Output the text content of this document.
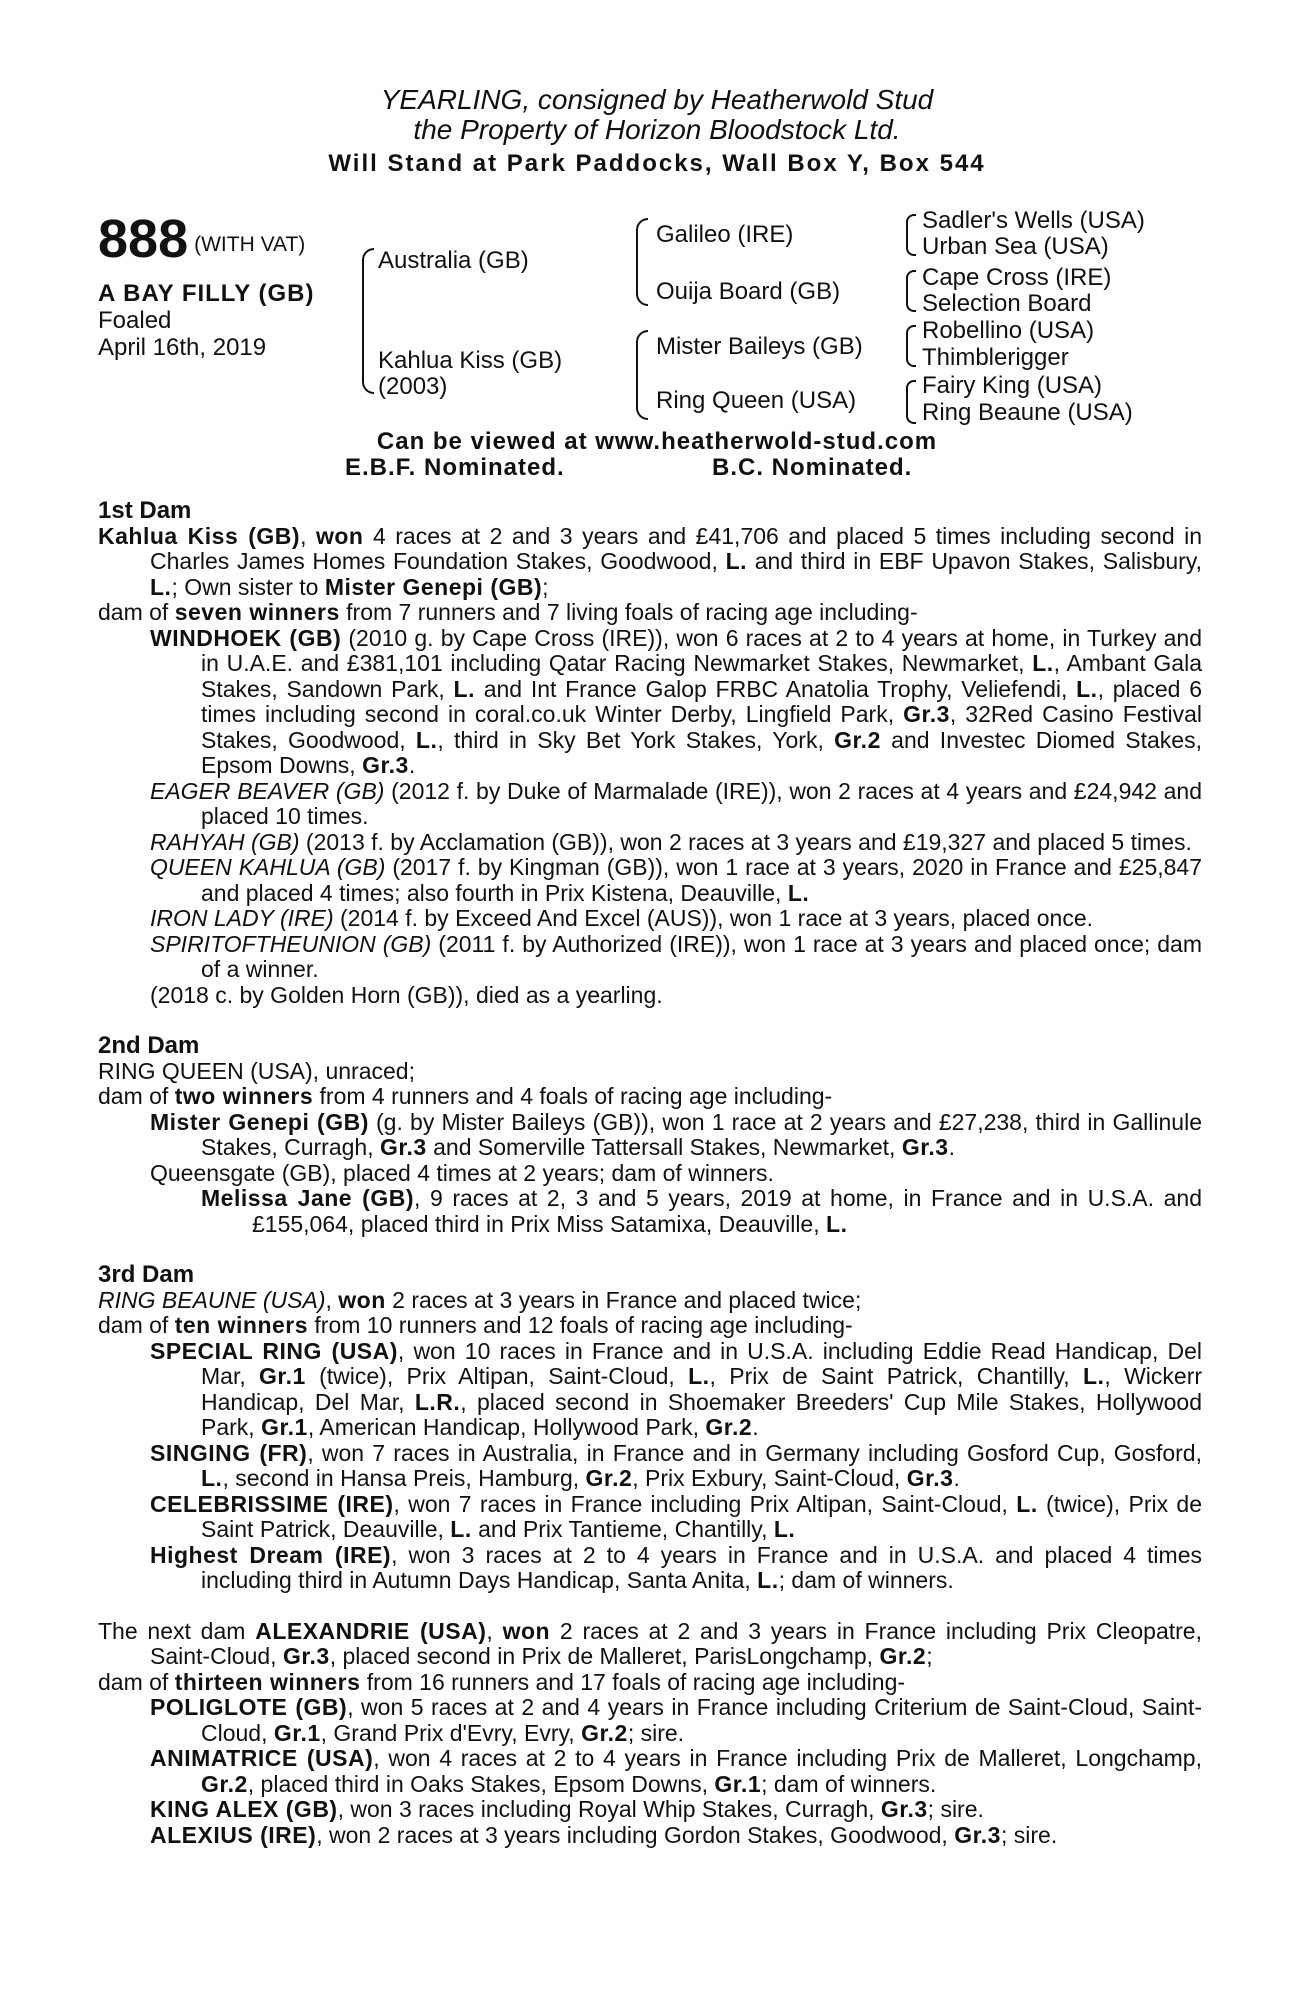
YEARLING, consigned by Heatherwold Stud
the Property of Horizon Bloodstock Ltd.
Will Stand at Park Paddocks, Wall Box Y, Box 544
888 (WITH VAT)
A BAY FILLY (GB)
Foaled
April 16th, 2019
Australia (GB)
Kahlua Kiss (GB)
(2003)
Galileo (IRE)
Ouija Board (GB)
Mister Baileys (GB)
Ring Queen (USA)
Sadler's Wells (USA)
Urban Sea (USA)
Cape Cross (IRE)
Selection Board
Robellino (USA)
Thimblerigger
Fairy King (USA)
Ring Beaune (USA)
Can be viewed at www.heatherwold-stud.com
E.B.F. Nominated.	B.C. Nominated.
1st Dam

Kahlua Kiss (GB), won 4 races at 2 and 3 years and £41,706 and placed 5 times including second in Charles James Homes Foundation Stakes, Goodwood, L. and third in EBF Upavon Stakes, Salisbury, L.; Own sister to Mister Genepi (GB);

dam of seven winners from 7 runners and 7 living foals of racing age including-

WINDHOEK (GB) (2010 g. by Cape Cross (IRE)), won 6 races at 2 to 4 years at home, in Turkey and in U.A.E. and £381,101 including Qatar Racing Newmarket Stakes, Newmarket, L., Ambant Gala Stakes, Sandown Park, L. and Int France Galop FRBC Anatolia Trophy, Veliefendi, L., placed 6 times including second in coral.co.uk Winter Derby, Lingfield Park, Gr.3, 32Red Casino Festival Stakes, Goodwood, L., third in Sky Bet York Stakes, York, Gr.2 and Investec Diomed Stakes, Epsom Downs, Gr.3.

EAGER BEAVER (GB) (2012 f. by Duke of Marmalade (IRE)), won 2 races at 4 years and £24,942 and placed 10 times.

RAHYAH (GB) (2013 f. by Acclamation (GB)), won 2 races at 3 years and £19,327 and placed 5 times.

QUEEN KAHLUA (GB) (2017 f. by Kingman (GB)), won 1 race at 3 years, 2020 in France and £25,847 and placed 4 times; also fourth in Prix Kistena, Deauville, L.

IRON LADY (IRE) (2014 f. by Exceed And Excel (AUS)), won 1 race at 3 years, placed once.

SPIRITOFTHEUNION (GB) (2011 f. by Authorized (IRE)), won 1 race at 3 years and placed once; dam of a winner.

(2018 c. by Golden Horn (GB)), died as a yearling.

2nd Dam

RING QUEEN (USA), unraced;

dam of two winners from 4 runners and 4 foals of racing age including-

Mister Genepi (GB) (g. by Mister Baileys (GB)), won 1 race at 2 years and £27,238, third in Gallinule Stakes, Curragh, Gr.3 and Somerville Tattersall Stakes, Newmarket, Gr.3.

Queensgate (GB), placed 4 times at 2 years; dam of winners.

Melissa Jane (GB), 9 races at 2, 3 and 5 years, 2019 at home, in France and in U.S.A. and £155,064, placed third in Prix Miss Satamixa, Deauville, L.

3rd Dam

RING BEAUNE (USA), won 2 races at 3 years in France and placed twice;

dam of ten winners from 10 runners and 12 foals of racing age including-

SPECIAL RING (USA), won 10 races in France and in U.S.A. including Eddie Read Handicap, Del Mar, Gr.1 (twice), Prix Altipan, Saint-Cloud, L., Prix de Saint Patrick, Chantilly, L., Wickerr Handicap, Del Mar, L.R., placed second in Shoemaker Breeders' Cup Mile Stakes, Hollywood Park, Gr.1, American Handicap, Hollywood Park, Gr.2.

SINGING (FR), won 7 races in Australia, in France and in Germany including Gosford Cup, Gosford, L., second in Hansa Preis, Hamburg, Gr.2, Prix Exbury, Saint-Cloud, Gr.3.

CELEBRISSIME (IRE), won 7 races in France including Prix Altipan, Saint-Cloud, L. (twice), Prix de Saint Patrick, Deauville, L. and Prix Tantieme, Chantilly, L.

Highest Dream (IRE), won 3 races at 2 to 4 years in France and in U.S.A. and placed 4 times including third in Autumn Days Handicap, Santa Anita, L.; dam of winners.

The next dam ALEXANDRIE (USA), won 2 races at 2 and 3 years in France including Prix Cleopatre, Saint-Cloud, Gr.3, placed second in Prix de Malleret, ParisLongchamp, Gr.2;

dam of thirteen winners from 16 runners and 17 foals of racing age including-

POLIGLOTE (GB), won 5 races at 2 and 4 years in France including Criterium de Saint-Cloud, Saint-Cloud, Gr.1, Grand Prix d'Evry, Evry, Gr.2; sire.

ANIMATRICE (USA), won 4 races at 2 to 4 years in France including Prix de Malleret, Longchamp, Gr.2, placed third in Oaks Stakes, Epsom Downs, Gr.1; dam of winners.

KING ALEX (GB), won 3 races including Royal Whip Stakes, Curragh, Gr.3; sire.

ALEXIUS (IRE), won 2 races at 3 years including Gordon Stakes, Goodwood, Gr.3; sire.
